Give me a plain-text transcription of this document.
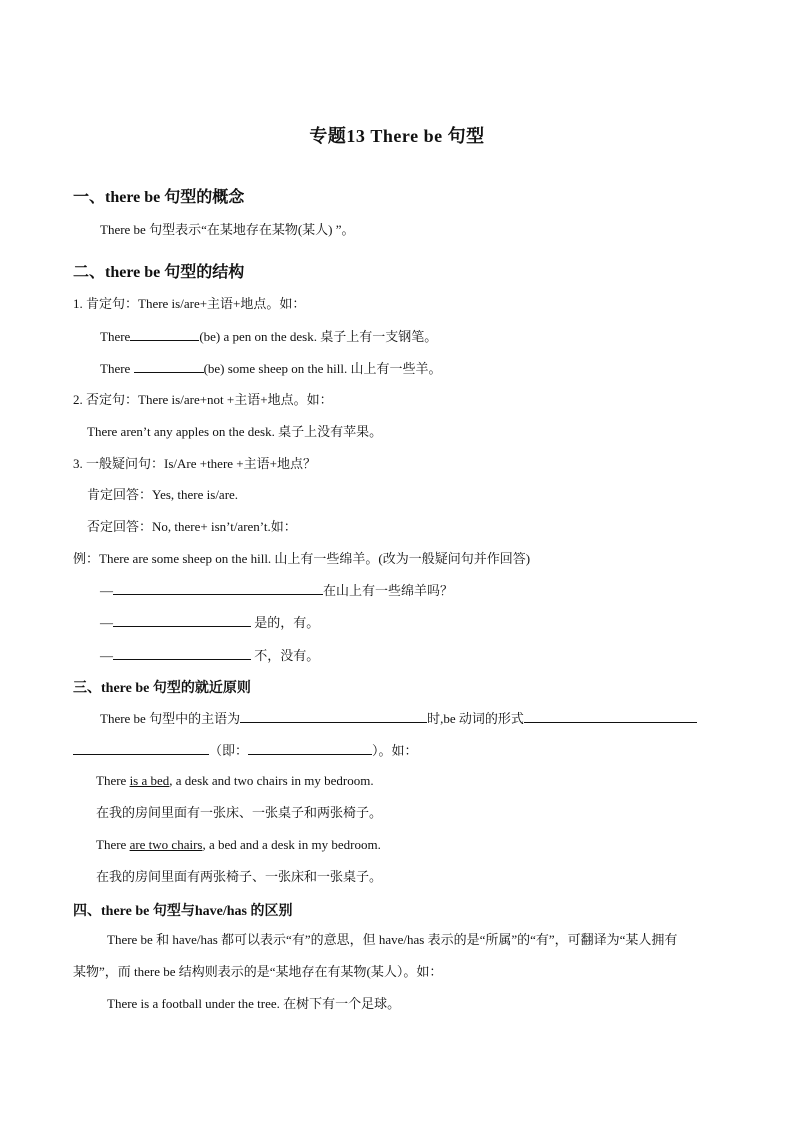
专题13 There be 句型
一、there be 句型的概念
There be 句型表示“在某地存在某物(某人) ”。
二、there be 句型的结构
1. 肯定句：There is/are+主语+地点。如：
There	(be) a pen on the desk. 桌子上有一支钢笔。
There	(be) some sheep on the hill. 山上有一些羊。
2. 否定句：There is/are+not +主语+地点。如：
There aren’t any apples on the desk. 桌子上没有苹果。
3. 一般疑问句：Is/Are +there +主语+地点？
肯定回答：Yes, there is/are.
否定回答：No, there+ isn’t/aren’t.如：
例：There are some sheep on the hill. 山上有一些绵羊。(改为一般疑问句并作回答)
—	在山上有一些绵羊吗？
—	是的，有。
—	不，没有。
三、there be 句型的就近原则
There be 句型中的主语为	时,be 动词的形式
（即：	）。如：
There is a bed, a desk and two chairs in my bedroom.
在我的房间里面有一张床、一张桌子和两张椅子。
There are two chairs, a bed and a desk in my bedroom.
在我的房间里面有两张椅子、一张床和一张桌子。
四、there be 句型与have/has 的区别
There be 和 have/has 都可以表示“有”的意思，但 have/has 表示的是“所属”的“有”，可翻译为“某人拥有
某物”，而 there be 结构则表示的是“某地存在有某物(某人）。如：
There is a football under the tree. 在树下有一个足球。
